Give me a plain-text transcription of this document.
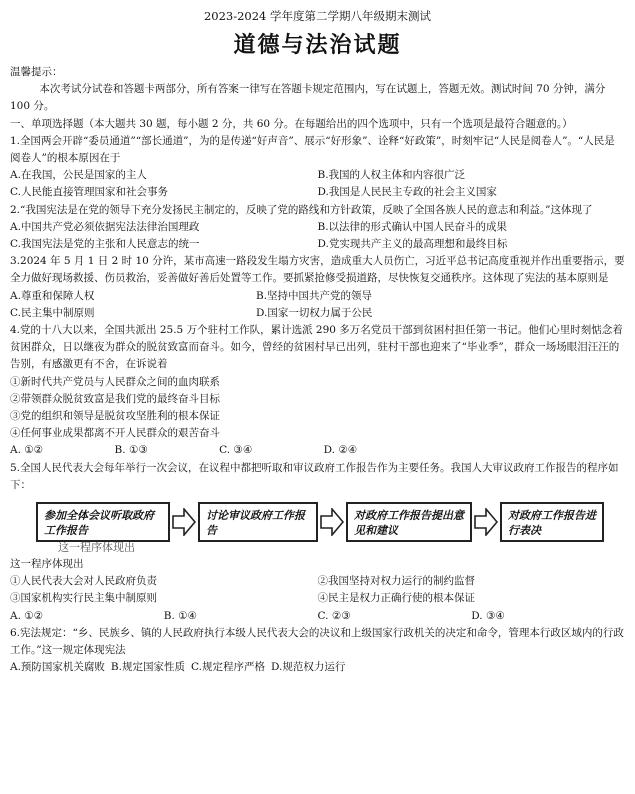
2023-2024 学年度第二学期八年级期末测试
道德与法治试题

温馨提示：

本次考试分试卷和答题卡两部分，所有答案一律写在答题卡规定范围内，写在试题上，答题无效。测试时间 70 分钟，满分 100 分。

一、单项选择题（本大题共 30 题，每小题 2 分，共 60 分。在每题给出的四个选项中，只有一个选项是最符合题意的。）

1.全国两会开辟“委员通道”“部长通道”，为的是传递“好声音”、展示“好形象”、诠释“好政策”，时刻牢记“人民是阅卷人”。“人民是阅卷人”的根本原因在于

A.在我国，公民是国家的主人	B.我国的人权主体和内容很广泛
C.人民能直接管理国家和社会事务	D.我国是人民民主专政的社会主义国家

2.“我国宪法是在党的领导下充分发扬民主制定的，反映了党的路线和方针政策，反映了全国各族人民的意志和利益。”这体现了

A.中国共产党必须依据宪法法律治国理政	B.以法律的形式确认中国人民奋斗的成果
C.我国宪法是党的主张和人民意志的统一	D.党实现共产主义的最高理想和最终目标

3.2024 年 5 月 1 日 2 时 10 分许，某市高速一路段发生塌方灾害，造成重大人员伤亡，习近平总书记高度重视并作出重要指示，要全力做好现场救援、伤员救治，妥善做好善后处置等工作。要抓紧抢修受损道路，尽快恢复交通秩序。这体现了宪法的基本原则是

A.尊重和保障人权	B.坚持中国共产党的领导
C.民主集中制原则	D.国家一切权力属于公民

4.党的十八大以来，全国共派出 25.5 万个驻村工作队，累计选派 290 多万名党员干部到贫困村担任第一书记。他们心里时刻惦念着贫困群众，日以继夜为群众的脱贫致富而奋斗。如今，曾经的贫困村早已出列，驻村干部也迎来了“毕业季”，群众一场场眼泪汪汪的告别，有感激更有不舍，在诉说着

①新时代共产党员与人民群众之间的血肉联系

②带领群众脱贫致富是我们党的最终奋斗目标

③党的组织和领导是脱贫攻坚胜利的根本保证

④任何事业成果都离不开人民群众的艰苦奋斗

A. ①②	B. ①③	C. ③④	D. ②④

5.全国人民代表大会每年举行一次会议，在议程中都把听取和审议政府工作报告作为主要任务。我国人大审议政府工作报告的程序如下：

参加全体会议听取政府工作报告
讨论审议政府工作报告
对政府工作报告提出意见和建议
对政府工作报告进行表决
这一程序体现出

这一程序体现出

①人民代表大会对人民政府负责	②我国坚持对权力运行的制约监督
③国家机构实行民主集中制原则	④民主是权力正确行使的根本保证
A. ①②	B. ①④	C. ②③	D. ③④

6.宪法规定：“乡、民族乡、镇的人民政府执行本级人民代表大会的决议和上级国家行政机关的决定和命令，管理本行政区域内的行政工作。”这一规定体现宪法

A.预防国家机关腐败 B.规定国家性质 C.规定程序严格 D.规范权力运行
